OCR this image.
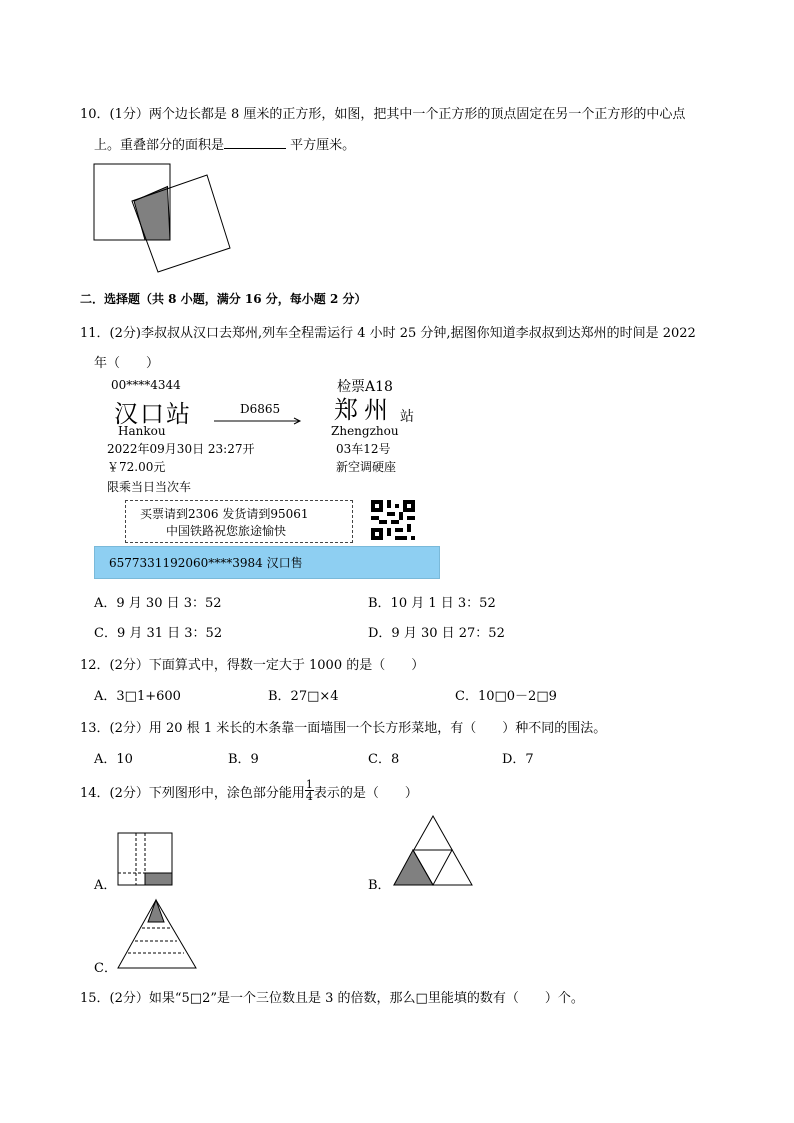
10．(1分）两个边长都是 8 厘米的正方形，如图，把其中一个正方形的顶点固定在另一个正方形的中心点
上。重叠部分的面积是	平方厘米。
二．选择题（共 8 小题，满分 16 分，每小题 2 分）
11．(2分)李叔叔从汉口去郑州,列车全程需运行 4 小时 25 分钟,据图你知道李叔叔到达郑州的时间是 2022
年（　　）
00****4344	检票A18
汉口站	D6865 郑州 站
Hankou	Zhengzhou
2022年09月30日 23:27开	03车12号
￥72.00元	新空调硬座
限乘当日当次车
买票请到2306 发货请到95061
中国铁路祝您旅途愉快
6577331192060****3984 汉口售
A．9 月 30 日 3：52	B．10 月 1 日 3：52
C．9 月 31 日 3：52	D．9 月 30 日 27：52
12．(2分）下面算式中，得数一定大于 1000 的是（　　）
A．3□1+600	B．27□×4	C．10□0－2□9
13．(2分）用 20 根 1 米长的木条靠一面墙围一个长方形菜地，有（　　）种不同的围法。
A．10	B．9	C．8	D．7
14．(2分）下列图形中，涂色部分能用 $\frac{1}{4}$ 表示的是（　　）
A．	B．
C．
15．(2分）如果“5□2”是一个三位数且是 3 的倍数，那么□里能填的数有（　　）个。
